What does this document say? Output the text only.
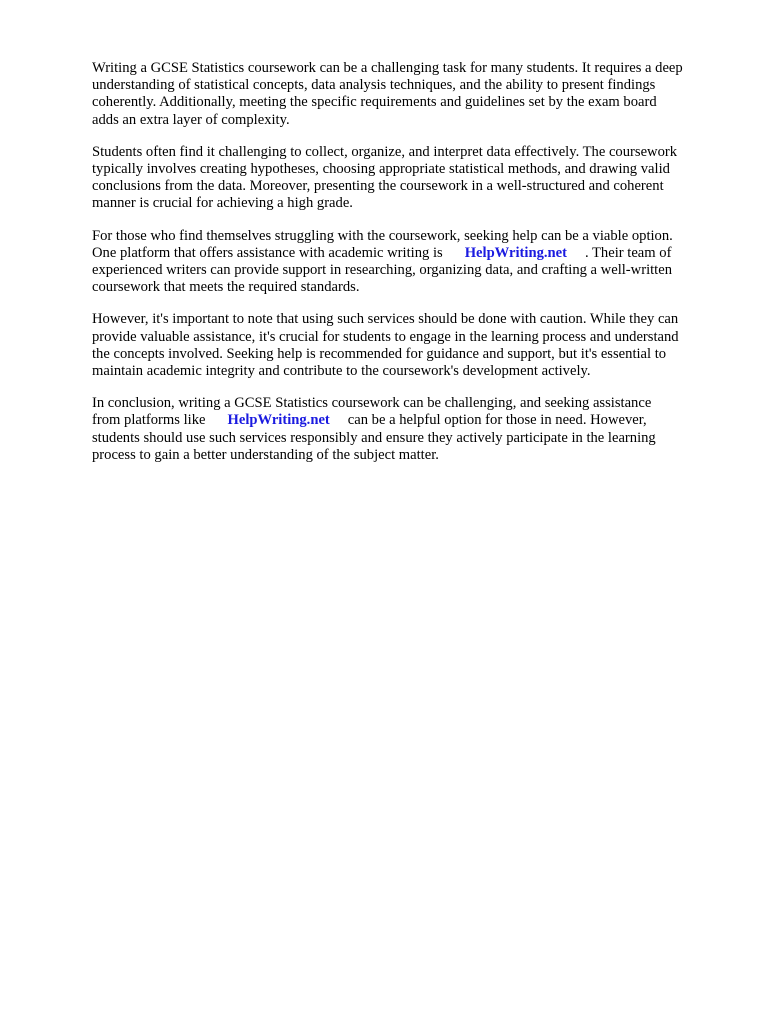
Writing a GCSE Statistics coursework can be a challenging task for many students. It requires a deep
understanding of statistical concepts, data analysis techniques, and the ability to present findings
coherently. Additionally, meeting the specific requirements and guidelines set by the exam board
adds an extra layer of complexity.

Students often find it challenging to collect, organize, and interpret data effectively. The coursework
typically involves creating hypotheses, choosing appropriate statistical methods, and drawing valid
conclusions from the data. Moreover, presenting the coursework in a well-structured and coherent
manner is crucial for achieving a high grade.

For those who find themselves struggling with the coursework, seeking help can be a viable option.
One platform that offers assistance with academic writing is HelpWriting.net . Their team of
experienced writers can provide support in researching, organizing data, and crafting a well-written
coursework that meets the required standards.

However, it's important to note that using such services should be done with caution. While they can
provide valuable assistance, it's crucial for students to engage in the learning process and understand
the concepts involved. Seeking help is recommended for guidance and support, but it's essential to
maintain academic integrity and contribute to the coursework's development actively.

In conclusion, writing a GCSE Statistics coursework can be challenging, and seeking assistance
from platforms like HelpWriting.net can be a helpful option for those in need. However,
students should use such services responsibly and ensure they actively participate in the learning
process to gain a better understanding of the subject matter.
